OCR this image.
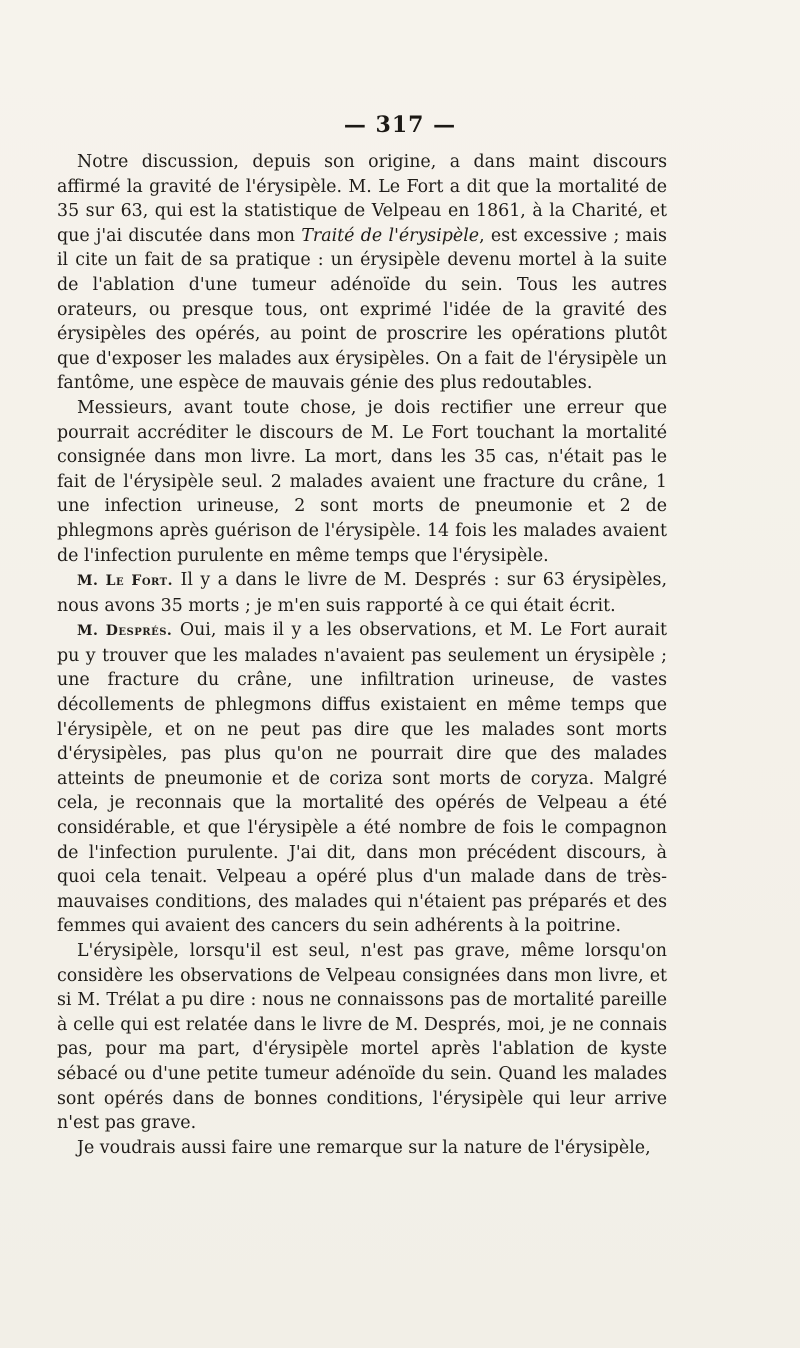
— 317 —

Notre discussion, depuis son origine, a dans maint discours affirmé la gravité de l'érysipèle. M. Le Fort a dit que la mortalité de 35 sur 63, qui est la statistique de Velpeau en 1861, à la Charité, et que j'ai discutée dans mon Traité de l'érysipèle, est excessive ; mais il cite un fait de sa pratique : un érysipèle devenu mortel à la suite de l'ablation d'une tumeur adénoïde du sein. Tous les autres orateurs, ou presque tous, ont exprimé l'idée de la gravité des érysipèles des opérés, au point de proscrire les opérations plutôt que d'exposer les malades aux érysipèles. On a fait de l'érysipèle un fantôme, une espèce de mauvais génie des plus redoutables.

Messieurs, avant toute chose, je dois rectifier une erreur que pourrait accréditer le discours de M. Le Fort touchant la mortalité consignée dans mon livre. La mort, dans les 35 cas, n'était pas le fait de l'érysipèle seul. 2 malades avaient une fracture du crâne, 1 une infection urineuse, 2 sont morts de pneumonie et 2 de phlegmons après guérison de l'érysipèle. 14 fois les malades avaient de l'infection purulente en même temps que l'érysipèle.

M. Le Fort. Il y a dans le livre de M. Després : sur 63 érysipèles, nous avons 35 morts ; je m'en suis rapporté à ce qui était écrit.

M. Després. Oui, mais il y a les observations, et M. Le Fort aurait pu y trouver que les malades n'avaient pas seulement un érysipèle ; une fracture du crâne, une infiltration urineuse, de vastes décollements de phlegmons diffus existaient en même temps que l'érysipèle, et on ne peut pas dire que les malades sont morts d'érysipèles, pas plus qu'on ne pourrait dire que des malades atteints de pneumonie et de coriza sont morts de coryza. Malgré cela, je reconnais que la mortalité des opérés de Velpeau a été considérable, et que l'érysipèle a été nombre de fois le compagnon de l'infection purulente. J'ai dit, dans mon précédent discours, à quoi cela tenait. Velpeau a opéré plus d'un malade dans de très-mauvaises conditions, des malades qui n'étaient pas préparés et des femmes qui avaient des cancers du sein adhérents à la poitrine.

L'érysipèle, lorsqu'il est seul, n'est pas grave, même lorsqu'on considère les observations de Velpeau consignées dans mon livre, et si M. Trélat a pu dire : nous ne connaissons pas de mortalité pareille à celle qui est relatée dans le livre de M. Després, moi, je ne connais pas, pour ma part, d'érysipèle mortel après l'ablation de kyste sébacé ou d'une petite tumeur adénoïde du sein. Quand les malades sont opérés dans de bonnes conditions, l'érysipèle qui leur arrive n'est pas grave.

Je voudrais aussi faire une remarque sur la nature de l'érysipèle,
